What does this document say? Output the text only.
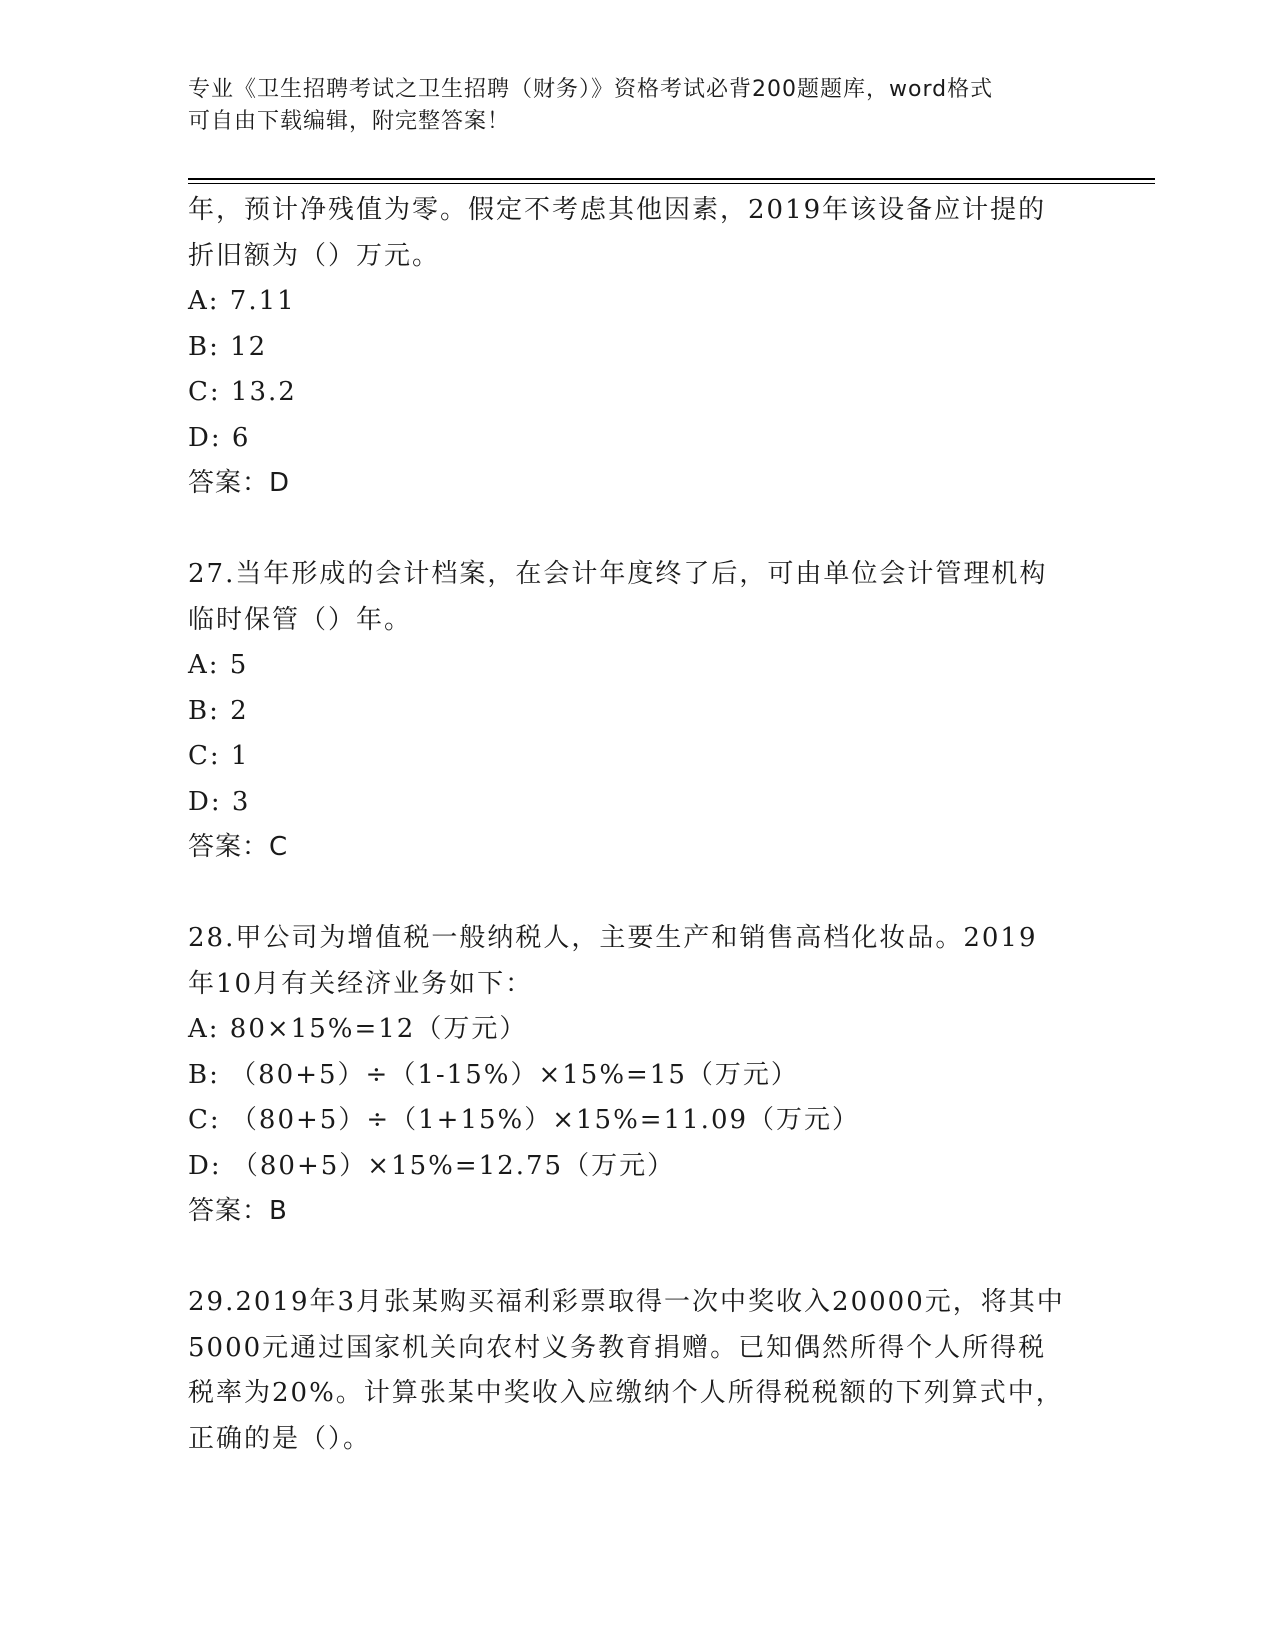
专业《卫生招聘考试之卫生招聘（财务）》资格考试必背200题题库，word格式
可自由下载编辑，附完整答案！
年，预计净残值为零。假定不考虑其他因素，2019年该设备应计提的
折旧额为（）万元。
A: 7.11
B: 12
C: 13.2
D: 6
答案：D
27.当年形成的会计档案，在会计年度终了后，可由单位会计管理机构
临时保管（）年。
A: 5
B: 2
C: 1
D: 3
答案：C
28.甲公司为增值税一般纳税人，主要生产和销售高档化妆品。2019
年10月有关经济业务如下：
A: 80×15%=12（万元）
B: （80+5）÷（1-15%）×15%=15（万元）
C: （80+5）÷（1+15%）×15%=11.09（万元）
D: （80+5）×15%=12.75（万元）
答案：B
29.2019年3月张某购买福利彩票取得一次中奖收入20000元，将其中
5000元通过国家机关向农村义务教育捐赠。已知偶然所得个人所得税
税率为20%。计算张某中奖收入应缴纳个人所得税税额的下列算式中，
正确的是（）。
